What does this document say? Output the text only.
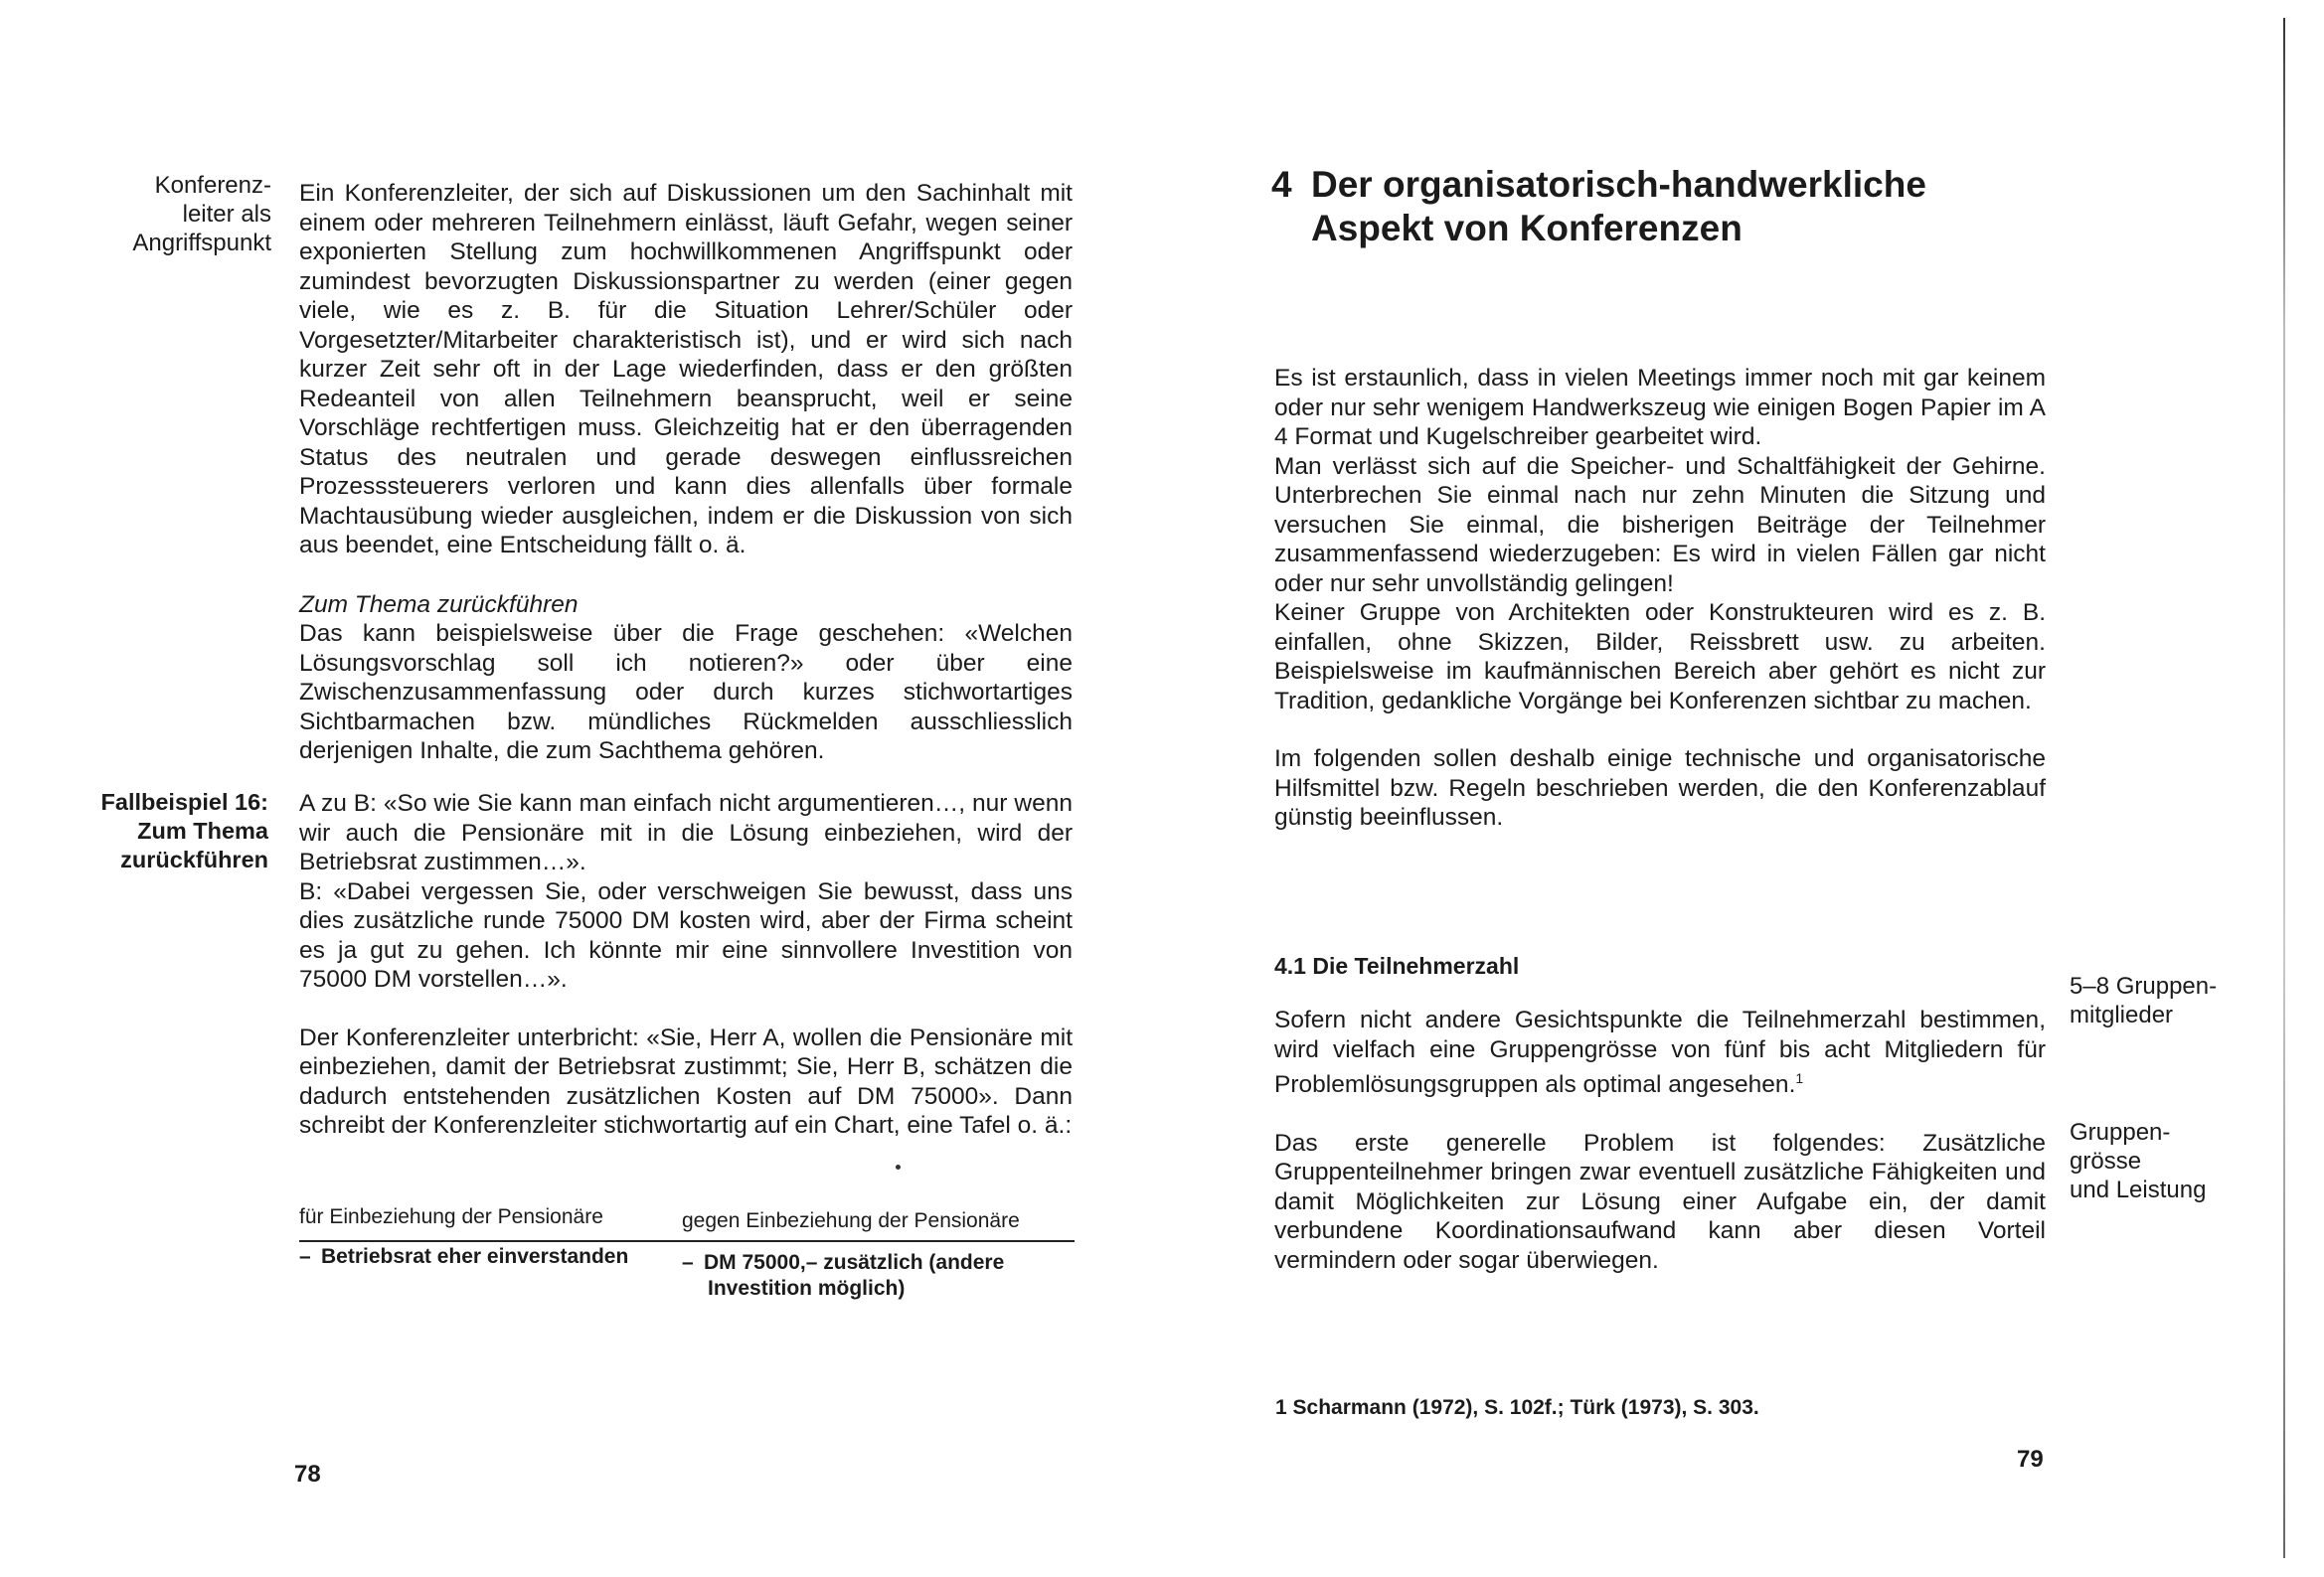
Konferenz-
leiter als
Angriffspunkt

Ein Konferenzleiter, der sich auf Diskussionen um den Sachinhalt mit einem oder mehreren Teilnehmern einlässt, läuft Gefahr, wegen seiner exponierten Stellung zum hochwillkommenen Angriffspunkt oder zumindest bevorzugten Diskussionspartner zu werden (einer gegen viele, wie es z. B. für die Situation Lehrer/Schüler oder Vorgesetzter/Mitarbeiter charakteristisch ist), und er wird sich nach kurzer Zeit sehr oft in der Lage wiederfinden, dass er den größten Redeanteil von allen Teilnehmern beansprucht, weil er seine Vorschläge rechtfertigen muss. Gleichzeitig hat er den überragenden Status des neutralen und gerade deswegen einflussreichen Prozesssteuerers verloren und kann dies allenfalls über formale Machtausübung wieder ausgleichen, indem er die Diskussion von sich aus beendet, eine Entscheidung fällt o. ä.

Zum Thema zurückführen

Das kann beispielsweise über die Frage geschehen: «Welchen Lösungsvorschlag soll ich notieren?» oder über eine Zwischenzusammenfassung oder durch kurzes stichwortartiges Sichtbarmachen bzw. mündliches Rückmelden ausschliesslich derjenigen Inhalte, die zum Sachthema gehören.

Fallbeispiel 16:
Zum Thema
zurückführen

A zu B: «So wie Sie kann man einfach nicht argumentieren…, nur wenn wir auch die Pensionäre mit in die Lösung einbeziehen, wird der Betriebsrat zustimmen…».

B: «Dabei vergessen Sie, oder verschweigen Sie bewusst, dass uns dies zusätzliche runde 75000 DM kosten wird, aber der Firma scheint es ja gut zu gehen. Ich könnte mir eine sinnvollere Investition von 75000 DM vorstellen…».

Der Konferenzleiter unterbricht: «Sie, Herr A, wollen die Pensionäre mit einbeziehen, damit der Betriebsrat zustimmt; Sie, Herr B, schätzen die dadurch entstehenden zusätzlichen Kosten auf DM 75000». Dann schreibt der Konferenzleiter stichwortartig auf ein Chart, eine Tafel o. ä.:

für Einbeziehung der Pensionäre	gegen Einbeziehung der Pensionäre
– Betriebsrat eher einverstanden	– DM 75000,– zusätzlich (andere Investition möglich)
78
4 Der organisatorisch-handwerkliche
Aspekt von Konferenzen

Es ist erstaunlich, dass in vielen Meetings immer noch mit gar keinem oder nur sehr wenigem Handwerkszeug wie einigen Bogen Papier im A 4 Format und Kugelschreiber gearbeitet wird.

Man verlässt sich auf die Speicher- und Schaltfähigkeit der Gehirne. Unterbrechen Sie einmal nach nur zehn Minuten die Sitzung und versuchen Sie einmal, die bisherigen Beiträge der Teilnehmer zusammenfassend wiederzugeben: Es wird in vielen Fällen gar nicht oder nur sehr unvollständig gelingen!

Keiner Gruppe von Architekten oder Konstrukteuren wird es z. B. einfallen, ohne Skizzen, Bilder, Reissbrett usw. zu arbeiten. Beispielsweise im kaufmännischen Bereich aber gehört es nicht zur Tradition, gedankliche Vorgänge bei Konferenzen sichtbar zu machen.

Im folgenden sollen deshalb einige technische und organisatorische Hilfsmittel bzw. Regeln beschrieben werden, die den Konferenzablauf günstig beeinflussen.

4.1 Die Teilnehmerzahl

Sofern nicht andere Gesichtspunkte die Teilnehmerzahl bestimmen, wird vielfach eine Gruppengrösse von fünf bis acht Mitgliedern für Problemlösungsgruppen als optimal angesehen.$^1$

Das erste generelle Problem ist folgendes: Zusätzliche Gruppenteilnehmer bringen zwar eventuell zusätzliche Fähigkeiten und damit Möglichkeiten zur Lösung einer Aufgabe ein, der damit verbundene Koordinationsaufwand kann aber diesen Vorteil vermindern oder sogar überwiegen.

5–8 Gruppen-
mitglieder
Gruppen-
grösse
und Leistung
1 Scharmann (1972), S. 102f.; Türk (1973), S. 303.
79
